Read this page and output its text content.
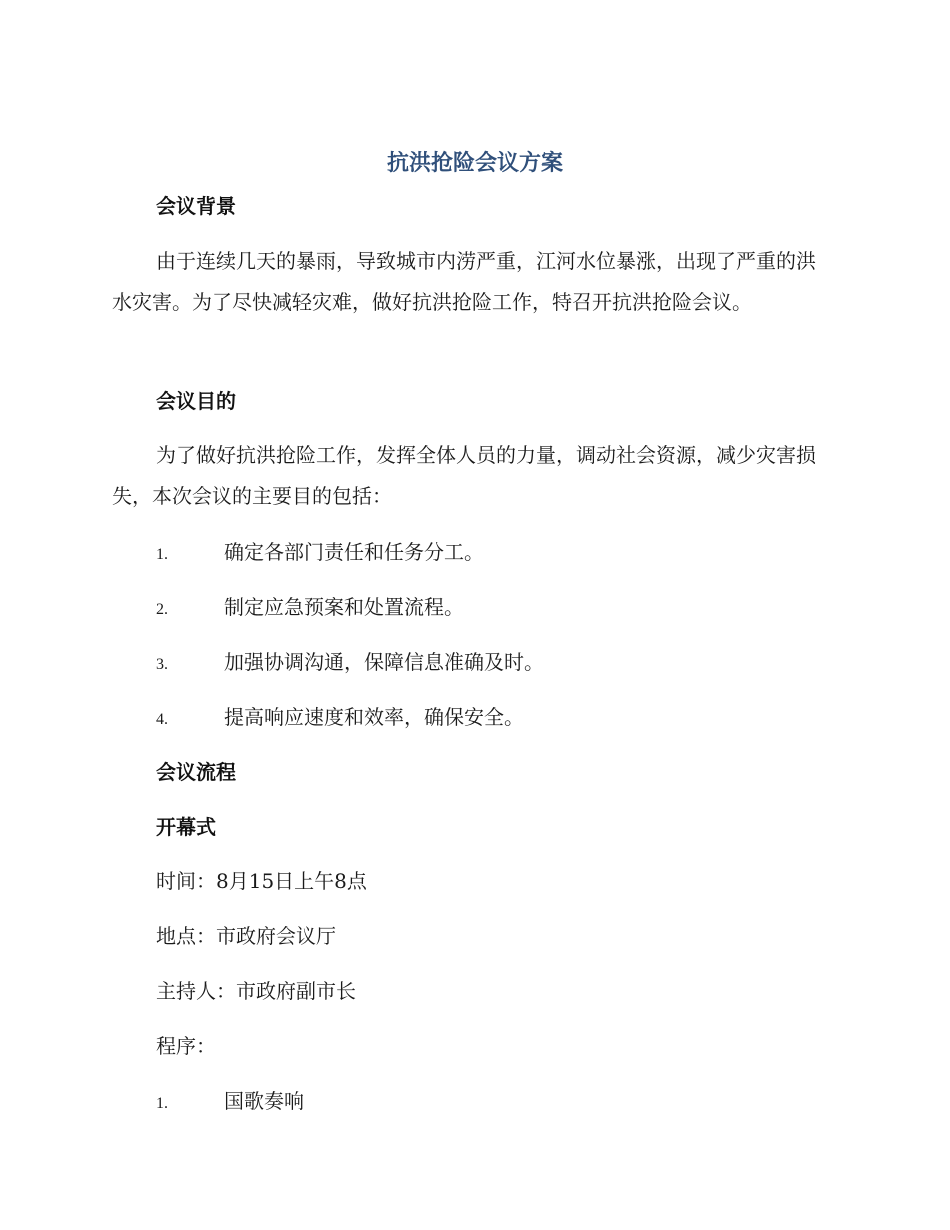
抗洪抢险会议方案
会议背景

由于连续几天的暴雨，导致城市内涝严重，江河水位暴涨，出现了严重的洪水灾害。为了尽快减轻灾难，做好抗洪抢险工作，特召开抗洪抢险会议。

会议目的

为了做好抗洪抢险工作，发挥全体人员的力量，调动社会资源，减少灾害损失，本次会议的主要目的包括：

1.	确定各部门责任和任务分工。

2.	制定应急预案和处置流程。

3.	加强协调沟通，保障信息准确及时。

4.	提高响应速度和效率，确保安全。

会议流程
开幕式

时间：8月15日上午8点

地点：市政府会议厅

主持人：市政府副市长

程序：

1.	国歌奏响
